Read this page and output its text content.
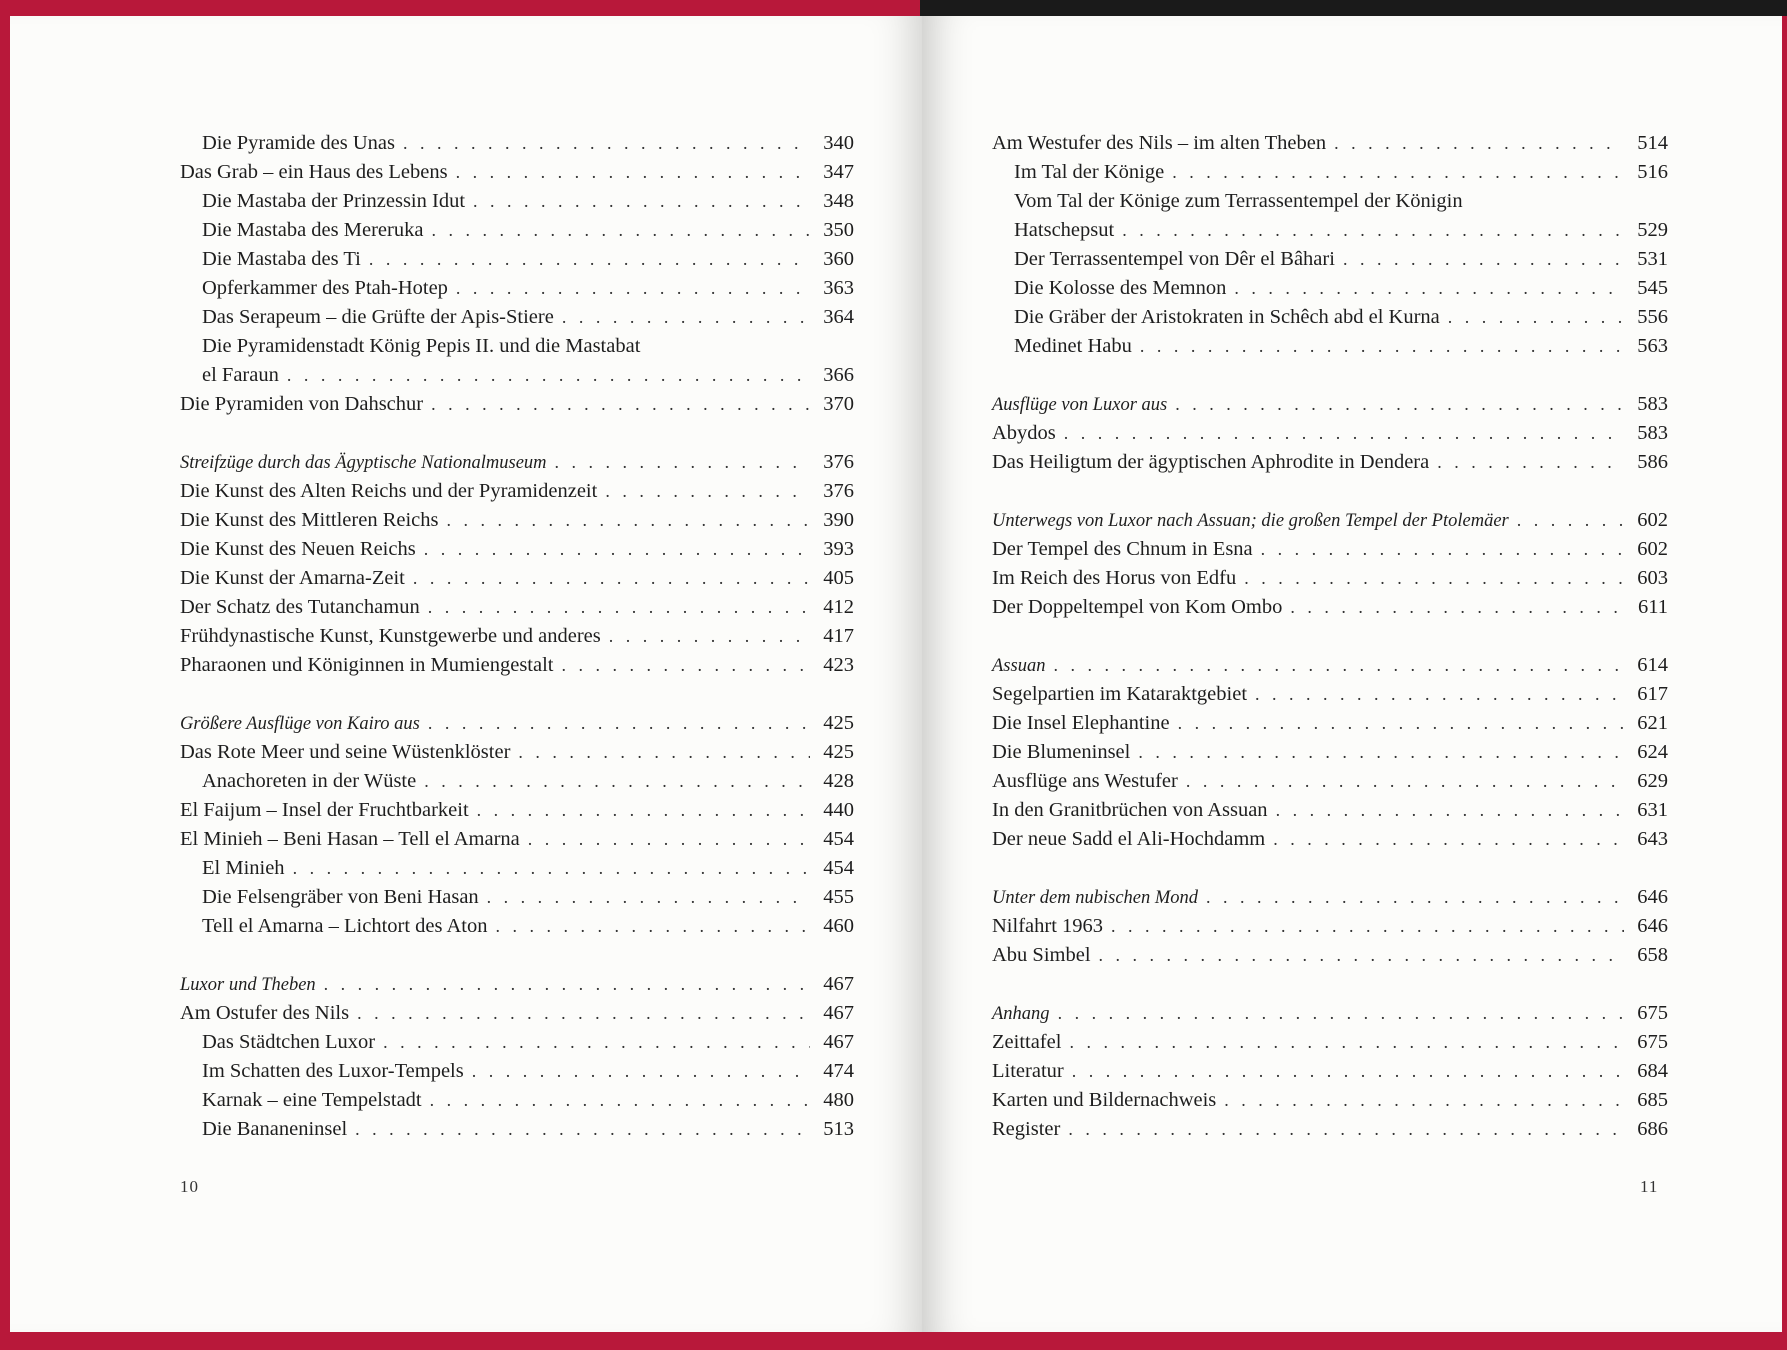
Die Pyramide des Unas . . .	340
Das Grab – ein Haus des Lebens . . .	347
Die Mastaba der Prinzessin Idut . . .	348
Die Mastaba des Mereruka . . .	350
Die Mastaba des Ti . . .	360
Opferkammer des Ptah-Hotep . . .	363
Das Serapeum – die Grüfte der Apis-Stiere . . .	364
Die Pyramidenstadt König Pepis II. und die Mastabat
el Faraun . . .	366
Die Pyramiden von Dahschur . . .	370
Streifzüge durch das Ägyptische Nationalmuseum . . .	376
Die Kunst des Alten Reichs und der Pyramidenzeit . . .	376
Die Kunst des Mittleren Reichs . . .	390
Die Kunst des Neuen Reichs . . .	393
Die Kunst der Amarna-Zeit . . .	405
Der Schatz des Tutanchamun . . .	412
Frühdynastische Kunst, Kunstgewerbe und anderes . . .	417
Pharaonen und Königinnen in Mumiengestalt . . .	423
Größere Ausflüge von Kairo aus . . .	425
Das Rote Meer und seine Wüstenklöster . . .	425
Anachoreten in der Wüste . . .	428
El Faijum – Insel der Fruchtbarkeit . . .	440
El Minieh – Beni Hasan – Tell el Amarna . . .	454
El Minieh . . .	454
Die Felsengräber von Beni Hasan . . .	455
Tell el Amarna – Lichtort des Aton . . .	460
Luxor und Theben . . .	467
Am Ostufer des Nils . . .	467
Das Städtchen Luxor . . .	467
Im Schatten des Luxor-Tempels . . .	474
Karnak – eine Tempelstadt . . .	480
Die Bananeninsel . . .	513
10
Am Westufer des Nils – im alten Theben . . .	514
Im Tal der Könige . . .	516
Vom Tal der Könige zum Terrassentempel der Königin
Hatschepsut . . .	529
Der Terrassentempel von Dêr el Bâhari . . .	531
Die Kolosse des Memnon . . .	545
Die Gräber der Aristokraten in Schêch abd el Kurna . . .	556
Medinet Habu . . .	563
Ausflüge von Luxor aus . . .	583
Abydos . . .	583
Das Heiligtum der ägyptischen Aphrodite in Dendera . . .	586
Unterwegs von Luxor nach Assuan; die großen Tempel der Ptolemäer . . .	602
Der Tempel des Chnum in Esna . . .	602
Im Reich des Horus von Edfu . . .	603
Der Doppeltempel von Kom Ombo . . .	611
Assuan . . .	614
Segelpartien im Kataraktgebiet . . .	617
Die Insel Elephantine . . .	621
Die Blumeninsel . . .	624
Ausflüge ans Westufer . . .	629
In den Granitbrüchen von Assuan . . .	631
Der neue Sadd el Ali-Hochdamm . . .	643
Unter dem nubischen Mond . . .	646
Nilfahrt 1963 . . .	646
Abu Simbel . . .	658
Anhang . . .	675
Zeittafel . . .	675
Literatur . . .	684
Karten und Bildernachweis . . .	685
Register . . .	686
11
